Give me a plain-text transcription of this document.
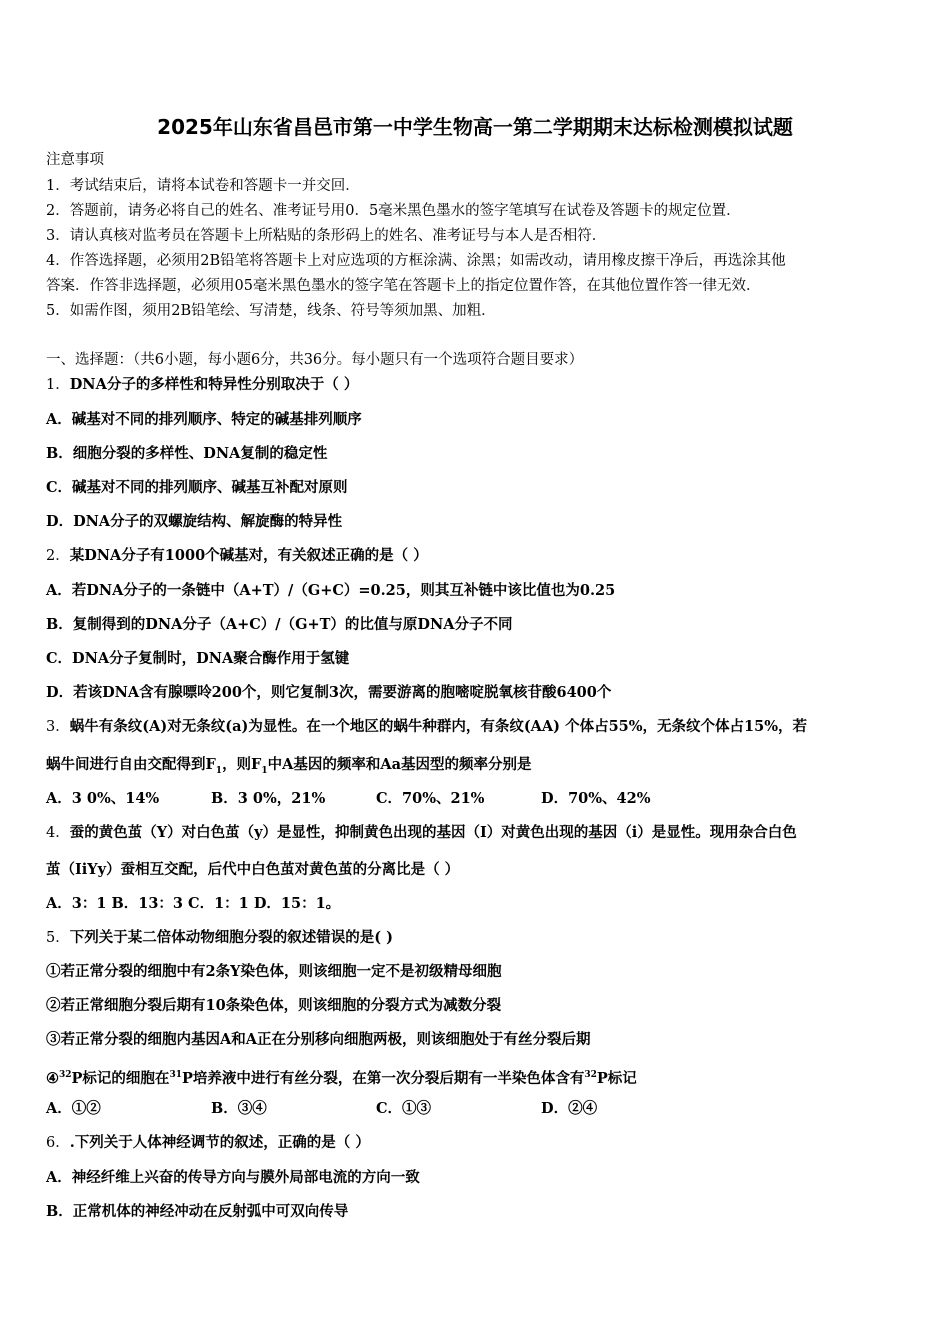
2025年山东省昌邑市第一中学生物高一第二学期期末达标检测模拟试题
注意事项
1．考试结束后，请将本试卷和答题卡一并交回．
2．答题前，请务必将自己的姓名、准考证号用0．5毫米黑色墨水的签字笔填写在试卷及答题卡的规定位置．
3．请认真核对监考员在答题卡上所粘贴的条形码上的姓名、准考证号与本人是否相符．
4．作答选择题，必须用2B铅笔将答题卡上对应选项的方框涂满、涂黑；如需改动，请用橡皮擦干净后，再选涂其他
答案．作答非选择题，必须用05毫米黑色墨水的签字笔在答题卡上的指定位置作答，在其他位置作答一律无效．
5．如需作图，须用2B铅笔绘、写清楚，线条、符号等须加黑、加粗．
一、选择题：（共6小题，每小题6分，共36分。每小题只有一个选项符合题目要求）
1．DNA分子的多样性和特异性分别取决于（ ）
A．碱基对不同的排列顺序、特定的碱基排列顺序
B．细胞分裂的多样性、DNA复制的稳定性
C．碱基对不同的排列顺序、碱基互补配对原则
D．DNA分子的双螺旋结构、解旋酶的特异性
2．某DNA分子有1000个碱基对，有关叙述正确的是（ ）
A．若DNA分子的一条链中（A+T）/（G+C）=0.25，则其互补链中该比值也为0.25
B．复制得到的DNA分子（A+C）/（G+T）的比值与原DNA分子不同
C．DNA分子复制时，DNA聚合酶作用于氢键
D．若该DNA含有腺嘌呤200个，则它复制3次，需要游离的胞嘧啶脱氧核苷酸6400个
3．蜗牛有条纹(A)对无条纹(a)为显性。在一个地区的蜗牛种群内，有条纹(AA) 个体占55%，无条纹个体占15%，若
蜗牛间进行自由交配得到$F_1$，则$F_1$中A基因的频率和Aa基因型的频率分别是
A．3 0%、14%	B．3 0%，21%	C．70%、21%	D．70%、42%
4．蚕的黄色茧（Y）对白色茧（y）是显性，抑制黄色出现的基因（I）对黄色出现的基因（i）是显性。现用杂合白色
茧（IiYy）蚕相互交配，后代中白色茧对黄色茧的分离比是（ ）
A．3：1 B．13：3 C．1：1 D．15：1。
5．下列关于某二倍体动物细胞分裂的叙述错误的是( )
①若正常分裂的细胞中有2条Y染色体，则该细胞一定不是初级精母细胞
②若正常细胞分裂后期有10条染色体，则该细胞的分裂方式为减数分裂
③若正常分裂的细胞内基因A和A正在分别移向细胞两极，则该细胞处于有丝分裂后期
④$^{32}$P标记的细胞在$^{31}$P培养液中进行有丝分裂，在第一次分裂后期有一半染色体含有$^{32}$P标记
A．①②	B．③④	C．①③	D．②④
6．.下列关于人体神经调节的叙述，正确的是（ ）
A．神经纤维上兴奋的传导方向与膜外局部电流的方向一致
B．正常机体的神经冲动在反射弧中可双向传导
